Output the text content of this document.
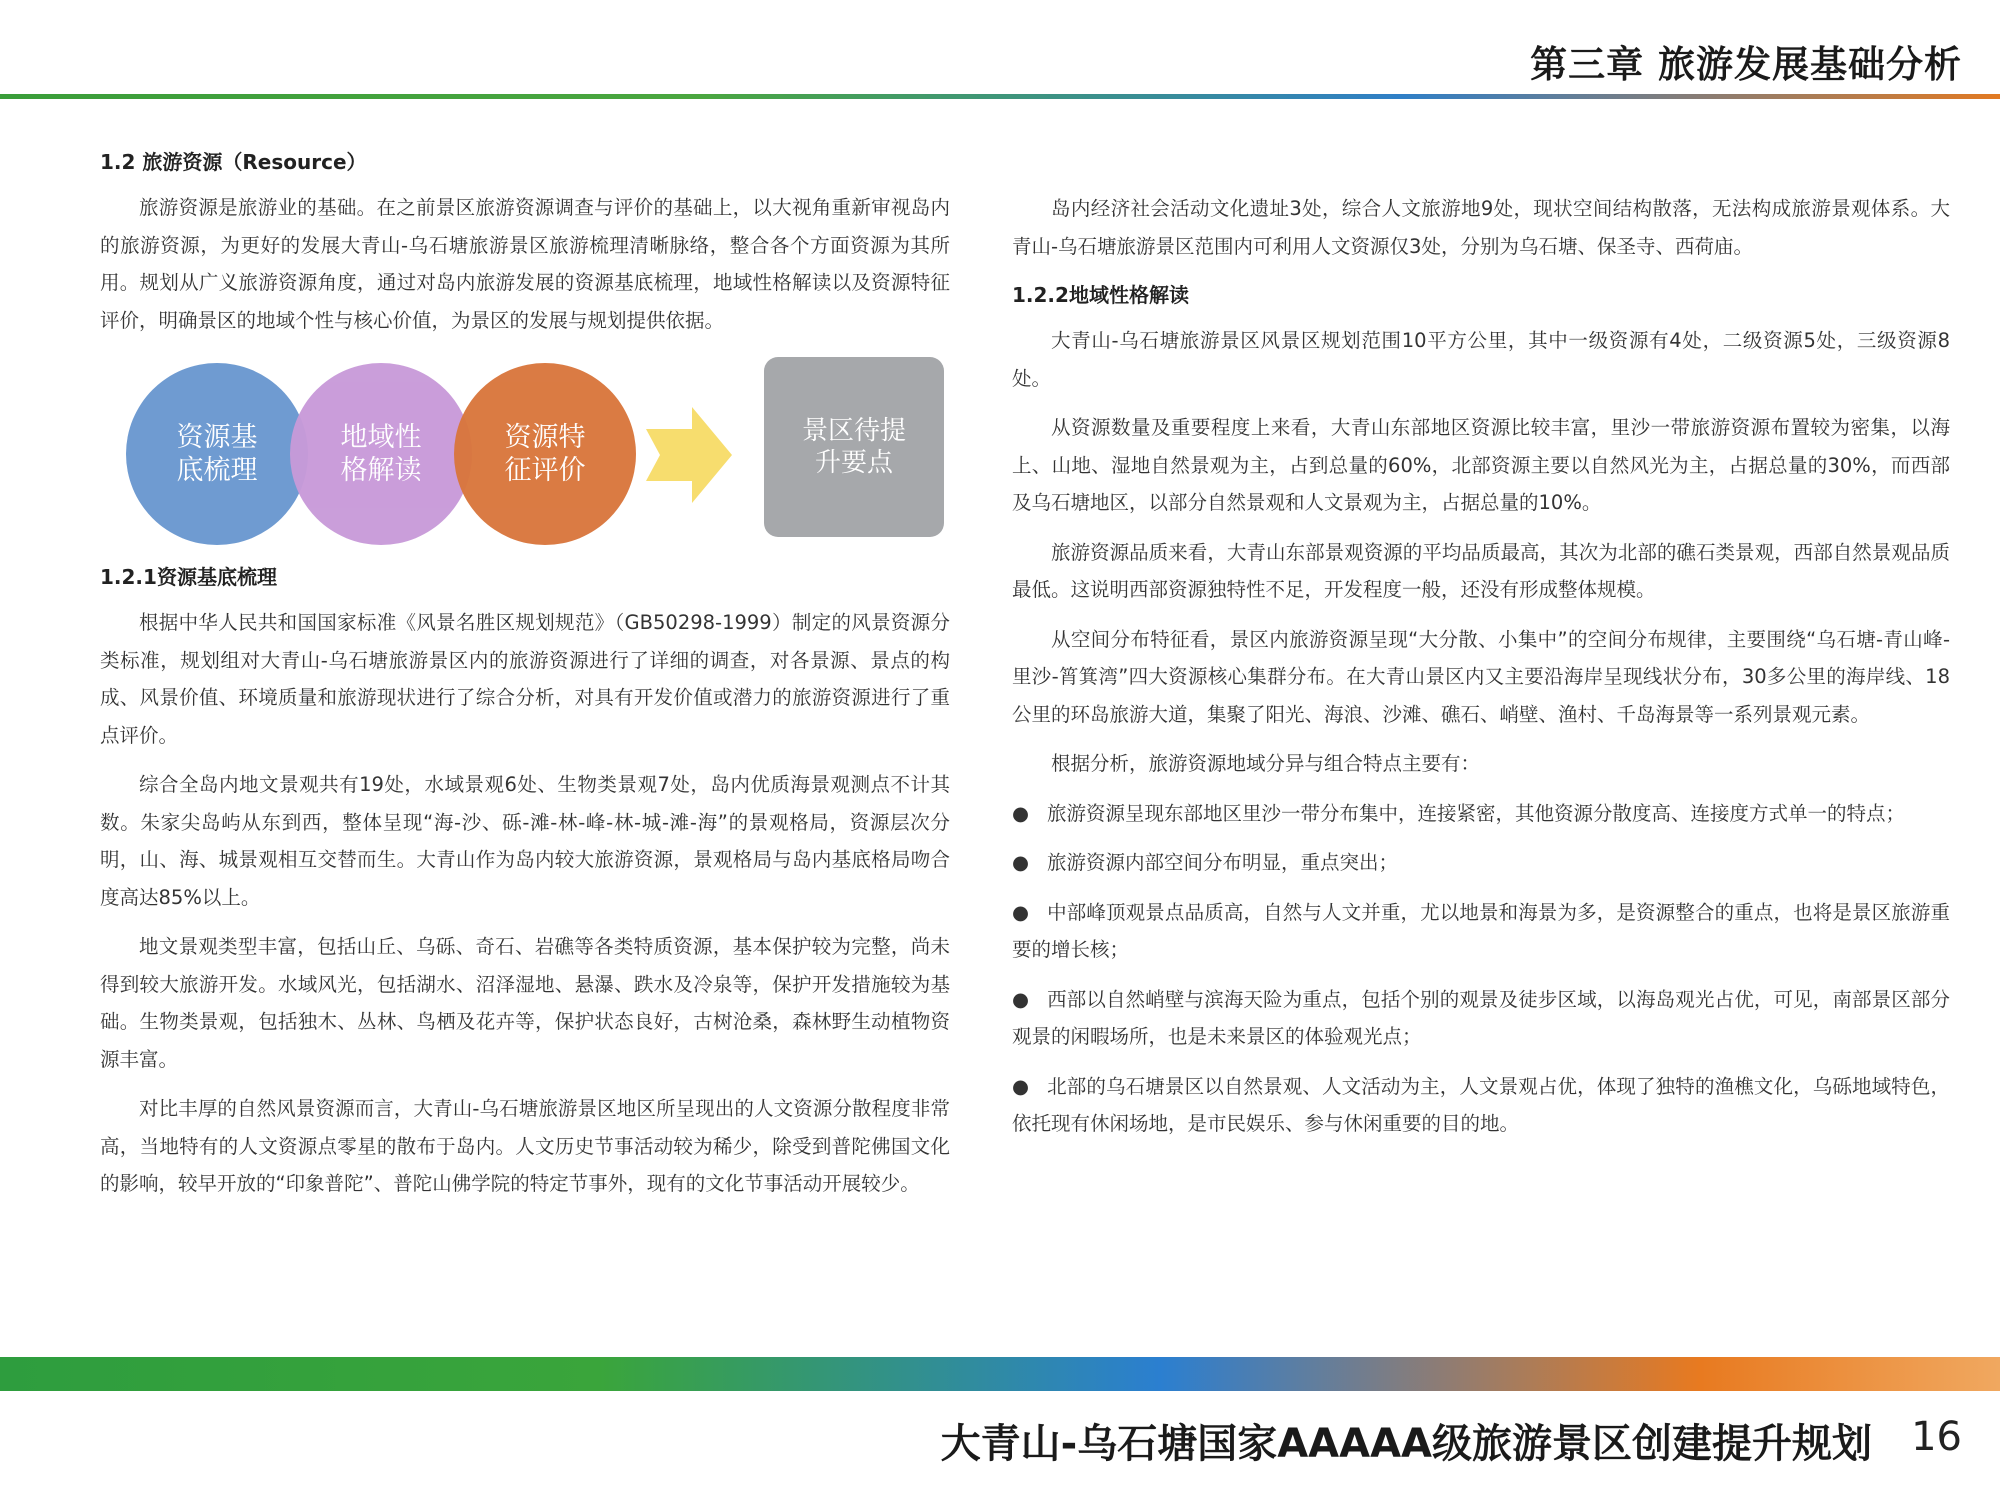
第三章 旅游发展基础分析
1.2 旅游资源（Resource）

旅游资源是旅游业的基础。在之前景区旅游资源调查与评价的基础上，以大视角重新审视岛内的旅游资源，为更好的发展大青山-乌石塘旅游景区旅游梳理清晰脉络，整合各个方面资源为其所用。规划从广义旅游资源角度，通过对岛内旅游发展的资源基底梳理，地域性格解读以及资源特征评价，明确景区的地域个性与核心价值，为景区的发展与规划提供依据。

资源基底梳理
地域性格解读
资源特征评价
景区待提升要点
1.2.1资源基底梳理

根据中华人民共和国国家标准《风景名胜区规划规范》（GB50298-1999）制定的风景资源分类标准，规划组对大青山-乌石塘旅游景区内的旅游资源进行了详细的调查，对各景源、景点的构成、风景价值、环境质量和旅游现状进行了综合分析，对具有开发价值或潜力的旅游资源进行了重点评价。

综合全岛内地文景观共有19处，水域景观6处、生物类景观7处，岛内优质海景观测点不计其数。朱家尖岛屿从东到西，整体呈现“海-沙、砾-滩-林-峰-林-城-滩-海”的景观格局，资源层次分明，山、海、城景观相互交替而生。大青山作为岛内较大旅游资源，景观格局与岛内基底格局吻合度高达85%以上。

地文景观类型丰富，包括山丘、乌砾、奇石、岩礁等各类特质资源，基本保护较为完整，尚未得到较大旅游开发。水域风光，包括湖水、沼泽湿地、悬瀑、跌水及冷泉等，保护开发措施较为基础。生物类景观，包括独木、丛林、鸟栖及花卉等，保护状态良好，古树沧桑，森林野生动植物资源丰富。

对比丰厚的自然风景资源而言，大青山-乌石塘旅游景区地区所呈现出的人文资源分散程度非常高，当地特有的人文资源点零星的散布于岛内。人文历史节事活动较为稀少，除受到普陀佛国文化的影响，较早开放的“印象普陀”、普陀山佛学院的特定节事外，现有的文化节事活动开展较少。

岛内经济社会活动文化遗址3处，综合人文旅游地9处，现状空间结构散落，无法构成旅游景观体系。大青山-乌石塘旅游景区范围内可利用人文资源仅3处，分别为乌石塘、保圣寺、西荷庙。

1.2.2地域性格解读

大青山-乌石塘旅游景区风景区规划范围10平方公里，其中一级资源有4处，二级资源5处，三级资源8处。

从资源数量及重要程度上来看，大青山东部地区资源比较丰富，里沙一带旅游资源布置较为密集，以海上、山地、湿地自然景观为主，占到总量的60%，北部资源主要以自然风光为主，占据总量的30%，而西部及乌石塘地区，以部分自然景观和人文景观为主，占据总量的10%。

旅游资源品质来看，大青山东部景观资源的平均品质最高，其次为北部的礁石类景观，西部自然景观品质最低。这说明西部资源独特性不足，开发程度一般，还没有形成整体规模。

从空间分布特征看，景区内旅游资源呈现“大分散、小集中”的空间分布规律，主要围绕“乌石塘-青山峰-里沙-筲箕湾”四大资源核心集群分布。在大青山景区内又主要沿海岸呈现线状分布，30多公里的海岸线、18公里的环岛旅游大道，集聚了阳光、海浪、沙滩、礁石、峭壁、渔村、千岛海景等一系列景观元素。

根据分析，旅游资源地域分异与组合特点主要有：

● 旅游资源呈现东部地区里沙一带分布集中，连接紧密，其他资源分散度高、连接度方式单一的特点；
● 旅游资源内部空间分布明显，重点突出；
● 中部峰顶观景点品质高，自然与人文并重，尤以地景和海景为多，是资源整合的重点，也将是景区旅游重要的增长核；
● 西部以自然峭壁与滨海天险为重点，包括个别的观景及徒步区域，以海岛观光占优，可见，南部景区部分观景的闲暇场所，也是未来景区的体验观光点；
● 北部的乌石塘景区以自然景观、人文活动为主，人文景观占优，体现了独特的渔樵文化，乌砾地域特色，依托现有休闲场地，是市民娱乐、参与休闲重要的目的地。
大青山-乌石塘国家AAAAA级旅游景区创建提升规划 16
